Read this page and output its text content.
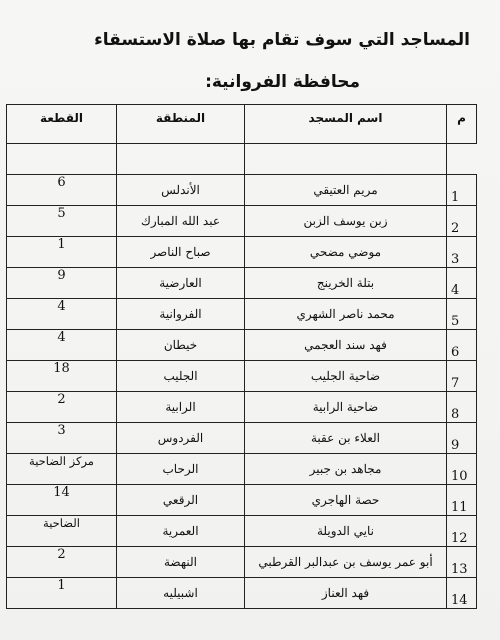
المساجد التي سوف تقام بها صلاة الاستسقاء
محافظة الفروانية:
م	اسم المسجد	المنطقة	القطعة

1	مريم العتيقي	الأندلس	6
2	زبن يوسف الزبن	عبد الله المبارك	5
3	موضي مضحي	صباح الناصر	1
4	بتلة الخرينج	العارضية	9
5	محمد ناصر الشهري	الفروانية	4
6	فهد سند العجمي	خيطان	4
7	ضاحية الجليب	الجليب	18
8	ضاحية الرابية	الرابية	2
9	العلاء بن عقبة	الفردوس	3
10	مجاهد بن جبير	الرحاب	مركز الضاحية
11	حصة الهاجري	الرقعي	14
12	نايي الدويلة	العمرية	الضاحية
13	أبو عمر يوسف بن عبدالبر القرطبي	النهضة	2
14	فهد العناز	اشبيليه	1
